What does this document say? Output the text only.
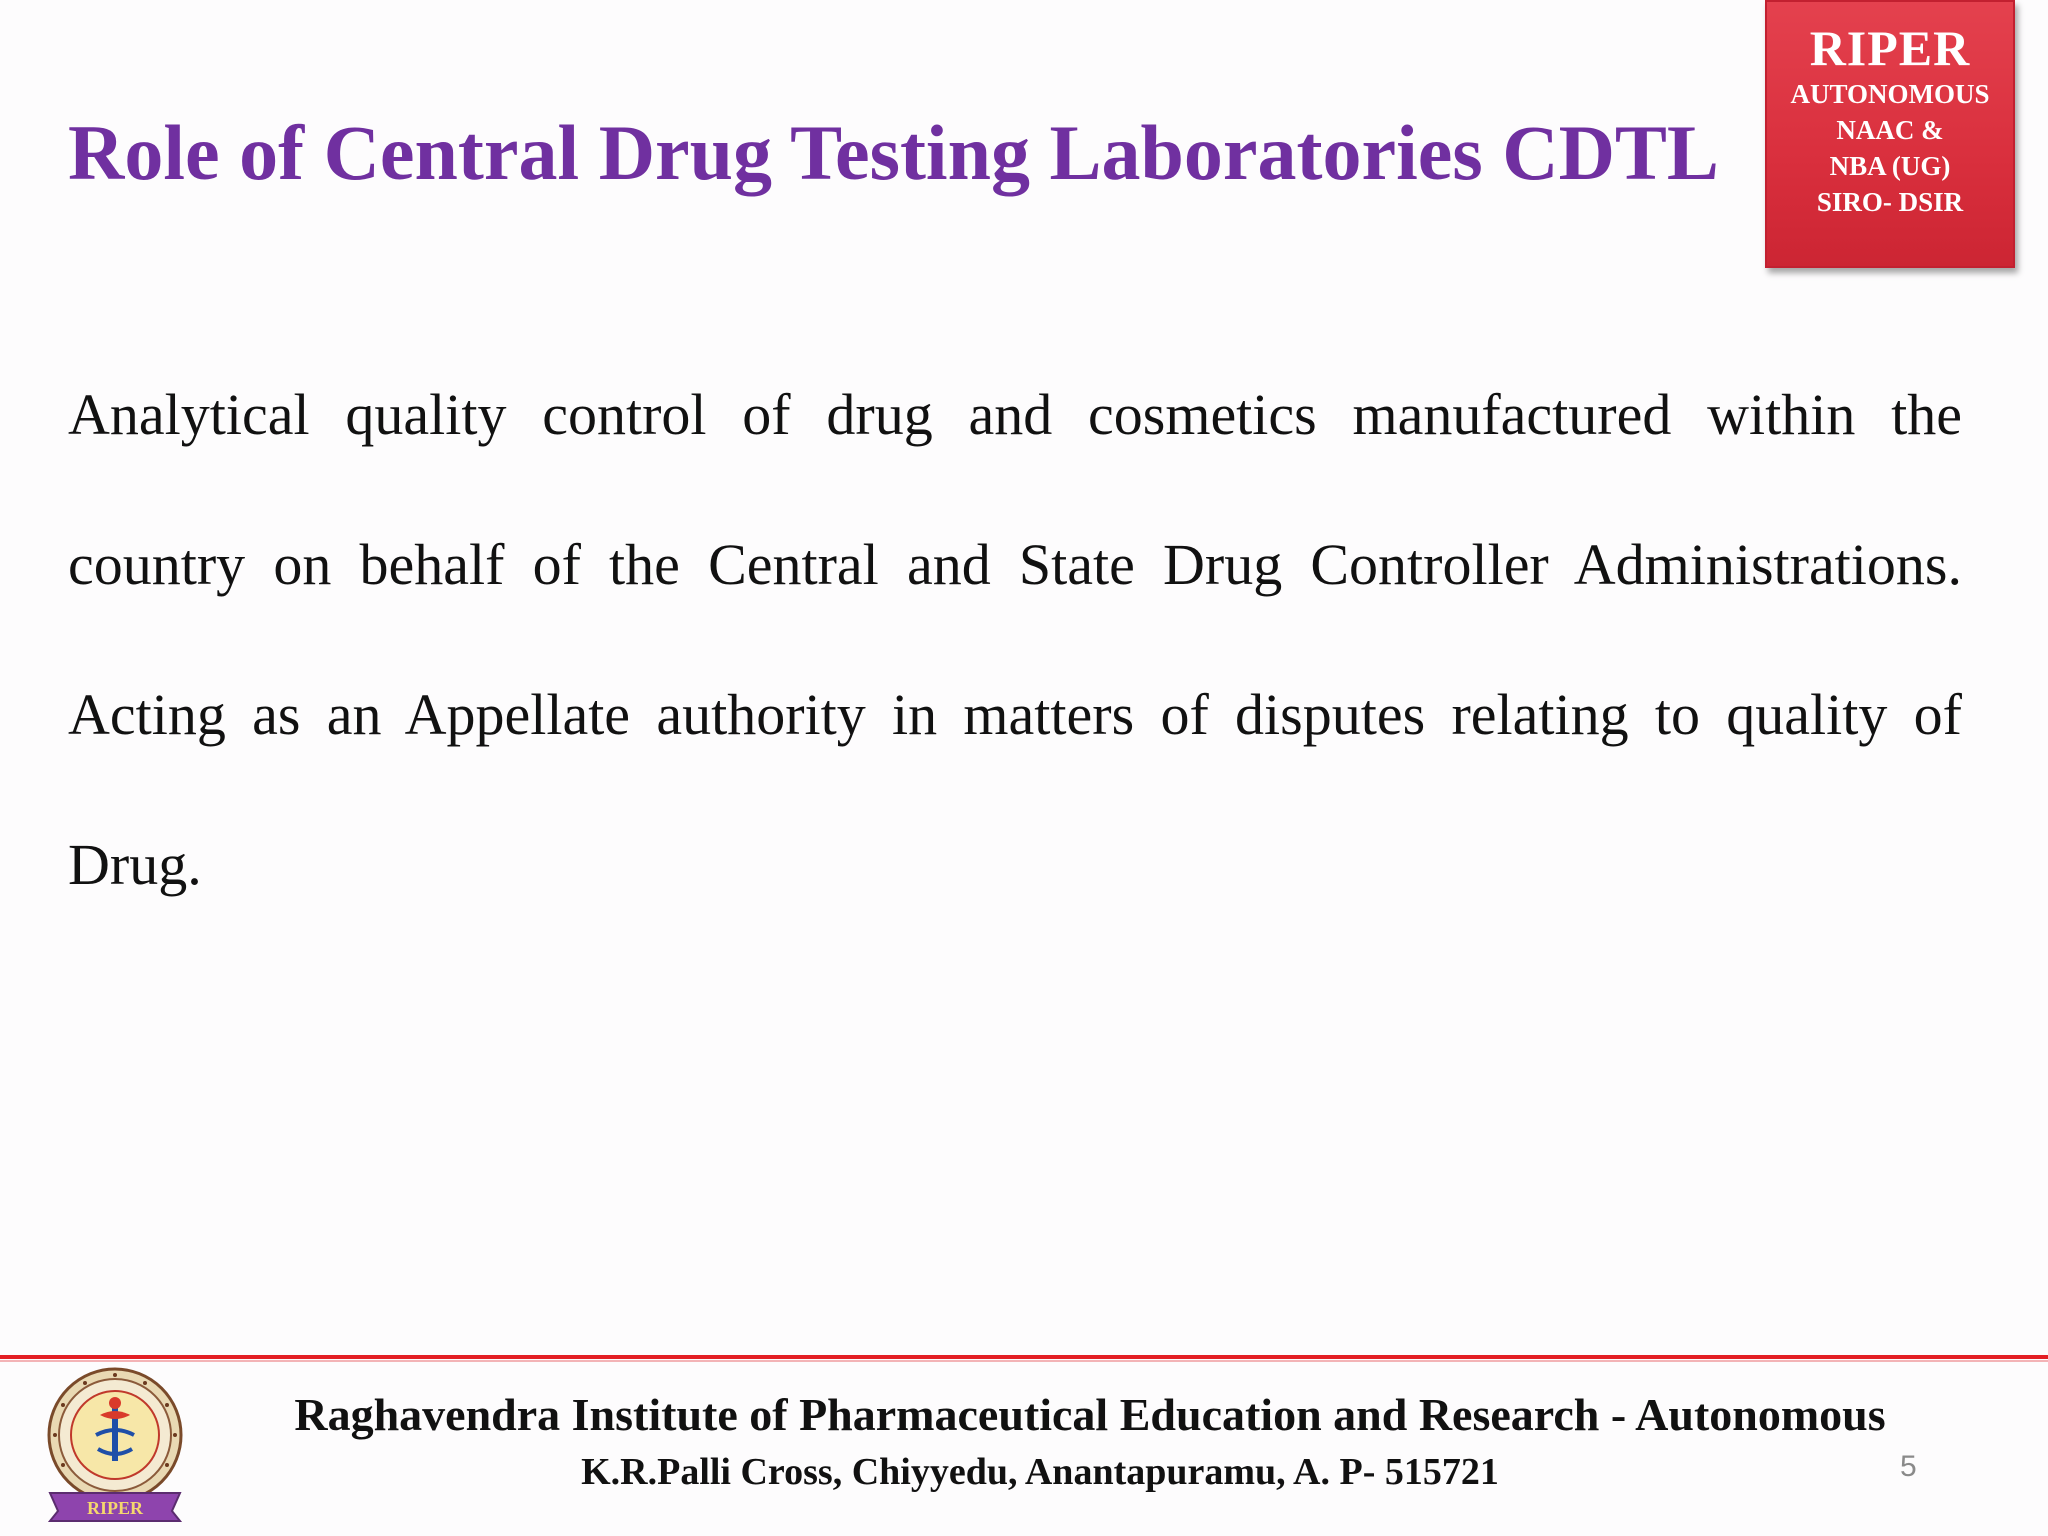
Role of Central Drug Testing Laboratories CDTL
RIPER
AUTONOMOUS
NAAC &
NBA (UG)
SIRO- DSIR
Analytical quality control of drug and cosmetics manufactured within the country on behalf of the Central and State Drug Controller Administrations. Acting as an Appellate authority in matters of disputes relating to quality of Drug.
RIPER
Raghavendra Institute of Pharmaceutical Education and Research - Autonomous
K.R.Palli Cross, Chiyyedu, Anantapuramu, A. P- 515721	5
